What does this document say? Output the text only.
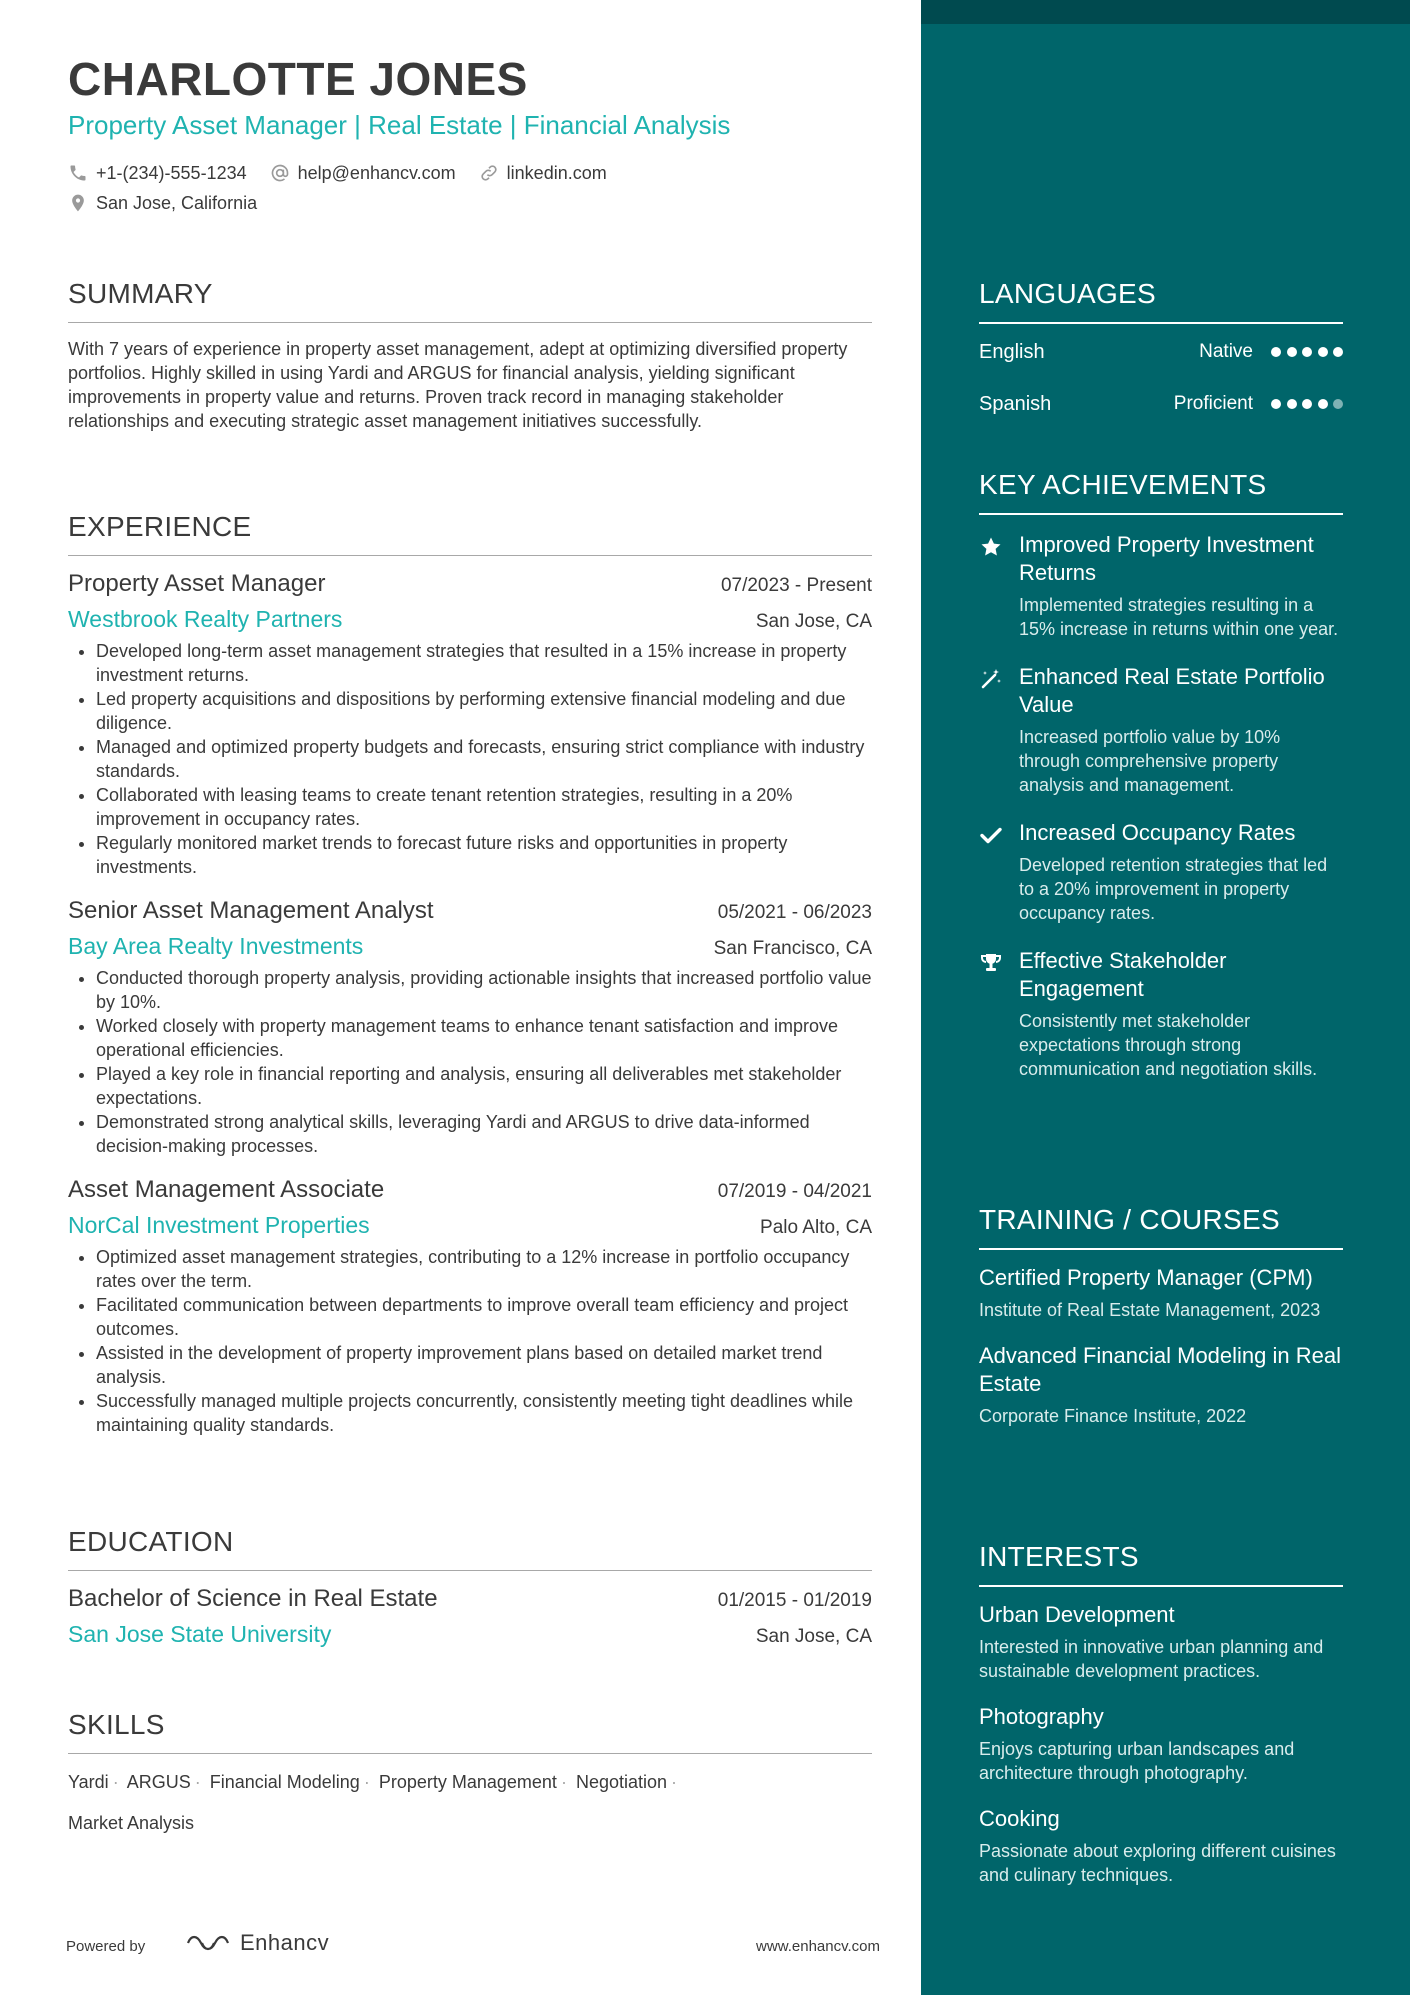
CHARLOTTE JONES
Property Asset Manager | Real Estate | Financial Analysis
+1-(234)-555-1234
	help@enhancv.com
	linkedin.com
San Jose, California
SUMMARY
With 7 years of experience in property asset management, adept at optimizing diversified property portfolios. Highly skilled in using Yardi and ARGUS for financial analysis, yielding significant improvements in property value and returns. Proven track record in managing stakeholder relationships and executing strategic asset management initiatives successfully.
EXPERIENCE
Property Asset Manager	07/2023 - Present
Westbrook Realty Partners	San Jose, CA
• Developed long-term asset management strategies that resulted in a 15% increase in property investment returns.
• Led property acquisitions and dispositions by performing extensive financial modeling and due diligence.
• Managed and optimized property budgets and forecasts, ensuring strict compliance with industry standards.
• Collaborated with leasing teams to create tenant retention strategies, resulting in a 20% improvement in occupancy rates.
• Regularly monitored market trends to forecast future risks and opportunities in property investments.
Senior Asset Management Analyst	05/2021 - 06/2023
Bay Area Realty Investments	San Francisco, CA
• Conducted thorough property analysis, providing actionable insights that increased portfolio value by 10%.
• Worked closely with property management teams to enhance tenant satisfaction and improve operational efficiencies.
• Played a key role in financial reporting and analysis, ensuring all deliverables met stakeholder expectations.
• Demonstrated strong analytical skills, leveraging Yardi and ARGUS to drive data-informed decision-making processes.
Asset Management Associate	07/2019 - 04/2021
NorCal Investment Properties	Palo Alto, CA
• Optimized asset management strategies, contributing to a 12% increase in portfolio occupancy rates over the term.
• Facilitated communication between departments to improve overall team efficiency and project outcomes.
• Assisted in the development of property improvement plans based on detailed market trend analysis.
• Successfully managed multiple projects concurrently, consistently meeting tight deadlines while maintaining quality standards.
EDUCATION
Bachelor of Science in Real Estate	01/2015 - 01/2019
San Jose State University	San Jose, CA
SKILLS
Yardi · ARGUS · Financial Modeling · Property Management · Negotiation ·
Market Analysis
Powered by	Enhancv	www.enhancv.com
LANGUAGES
English	Native
Spanish	Proficient
KEY ACHIEVEMENTS
Improved Property Investment Returns
Implemented strategies resulting in a 15% increase in returns within one year.
Enhanced Real Estate Portfolio Value
Increased portfolio value by 10% through comprehensive property analysis and management.
Increased Occupancy Rates
Developed retention strategies that led to a 20% improvement in property occupancy rates.
Effective Stakeholder Engagement
Consistently met stakeholder expectations through strong communication and negotiation skills.
TRAINING / COURSES
Certified Property Manager (CPM)
Institute of Real Estate Management, 2023
Advanced Financial Modeling in Real Estate
Corporate Finance Institute, 2022
INTERESTS
Urban Development
Interested in innovative urban planning and sustainable development practices.
Photography
Enjoys capturing urban landscapes and architecture through photography.
Cooking
Passionate about exploring different cuisines and culinary techniques.
